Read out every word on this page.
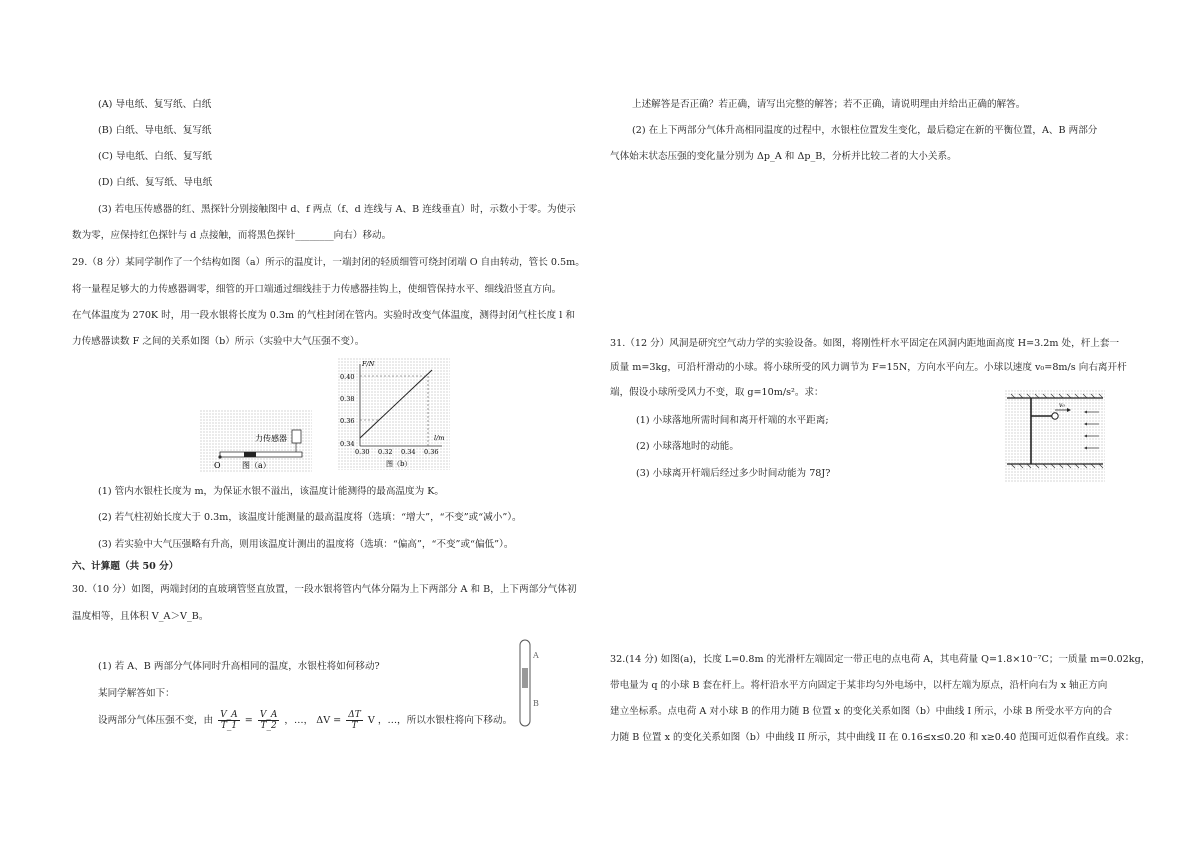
(A) 导电纸、复写纸、白纸
(B) 白纸、导电纸、复写纸
(C) 导电纸、白纸、复写纸
(D) 白纸、复写纸、导电纸
(3) 若电压传感器的红、黑探针分别接触图中 d、f 两点（f、d 连线与 A、B 连线垂直）时，示数小于零。为使示
数为零，应保持红色探针与 d 点接触，而将黑色探针________向右）移动。
29.（8 分）某同学制作了一个结构如图（a）所示的温度计，一端封闭的轻质细管可绕封闭端 O 自由转动，管长 0.5m。
将一量程足够大的力传感器调零，细管的开口端通过细线挂于力传感器挂钩上，使细管保持水平、细线沿竖直方向。
在气体温度为 270K 时，用一段水银将长度为 0.3m 的气柱封闭在管内。实验时改变气体温度，测得封闭气柱长度 l 和
力传感器读数 F 之间的关系如图（b）所示（实验中大气压强不变）。
力传感器
O	图（a）
F/N
l/m
0.40
0.38
0.36
0.34
0.30 0.32 0.34 0.36
图（b）
(1) 管内水银柱长度为 m，为保证水银不溢出，该温度计能测得的最高温度为 K。
(2) 若气柱初始长度大于 0.3m，该温度计能测量的最高温度将（选填：“增大”，“不变”或“减小”）。
(3) 若实验中大气压强略有升高，则用该温度计测出的温度将（选填：“偏高”，“不变”或“偏低”）。
六、计算题（共 50 分）
30.（10 分）如图，两端封闭的直玻璃管竖直放置，一段水银将管内气体分隔为上下两部分 A 和 B，上下两部分气体初
温度相等，且体积 V_A＞V_B。
(1) 若 A、B 两部分气体同时升高相同的温度，水银柱将如何移动?
某同学解答如下：
设两部分气体压强不变，由 $\frac{V\_A}{T\_1} = \frac{V\_A}{T\_2}$ ，…， $\Delta V = \frac{\Delta T}{T}$ V ，…，所以水银柱将向下移动。
A
B
上述解答是否正确？若正确，请写出完整的解答；若不正确，请说明理由并给出正确的解答。
(2) 在上下两部分气体升高相同温度的过程中，水银柱位置发生变化，最后稳定在新的平衡位置，A、B 两部分
气体始末状态压强的变化量分别为 Δp_A 和 Δp_B，分析并比较二者的大小关系。
31.（12 分）风洞是研究空气动力学的实验设备。如图，将刚性杆水平固定在风洞内距地面高度 H=3.2m 处，杆上套一
质量 m=3kg，可沿杆滑动的小球。将小球所受的风力调节为 F=15N，方向水平向左。小球以速度 v₀=8m/s 向右离开杆
端，假设小球所受风力不变，取 g=10m/s²。求：
(1) 小球落地所需时间和离开杆端的水平距离;
(2) 小球落地时的动能。
(3) 小球离开杆端后经过多少时间动能为 78J?
v₀
32.(14 分) 如图(a)，长度 L=0.8m 的光滑杆左端固定一带正电的点电荷 A，其电荷量 Q=1.8×10⁻⁷C；一质量 m=0.02kg，
带电量为 q 的小球 B 套在杆上。将杆沿水平方向固定于某非均匀外电场中，以杆左端为原点，沿杆向右为 x 轴正方向
建立坐标系。点电荷 A 对小球 B 的作用力随 B 位置 x 的变化关系如图（b）中曲线 I 所示，小球 B 所受水平方向的合
力随 B 位置 x 的变化关系如图（b）中曲线 II 所示，其中曲线 II 在 0.16≤x≤0.20 和 x≥0.40 范围可近似看作直线。求：
